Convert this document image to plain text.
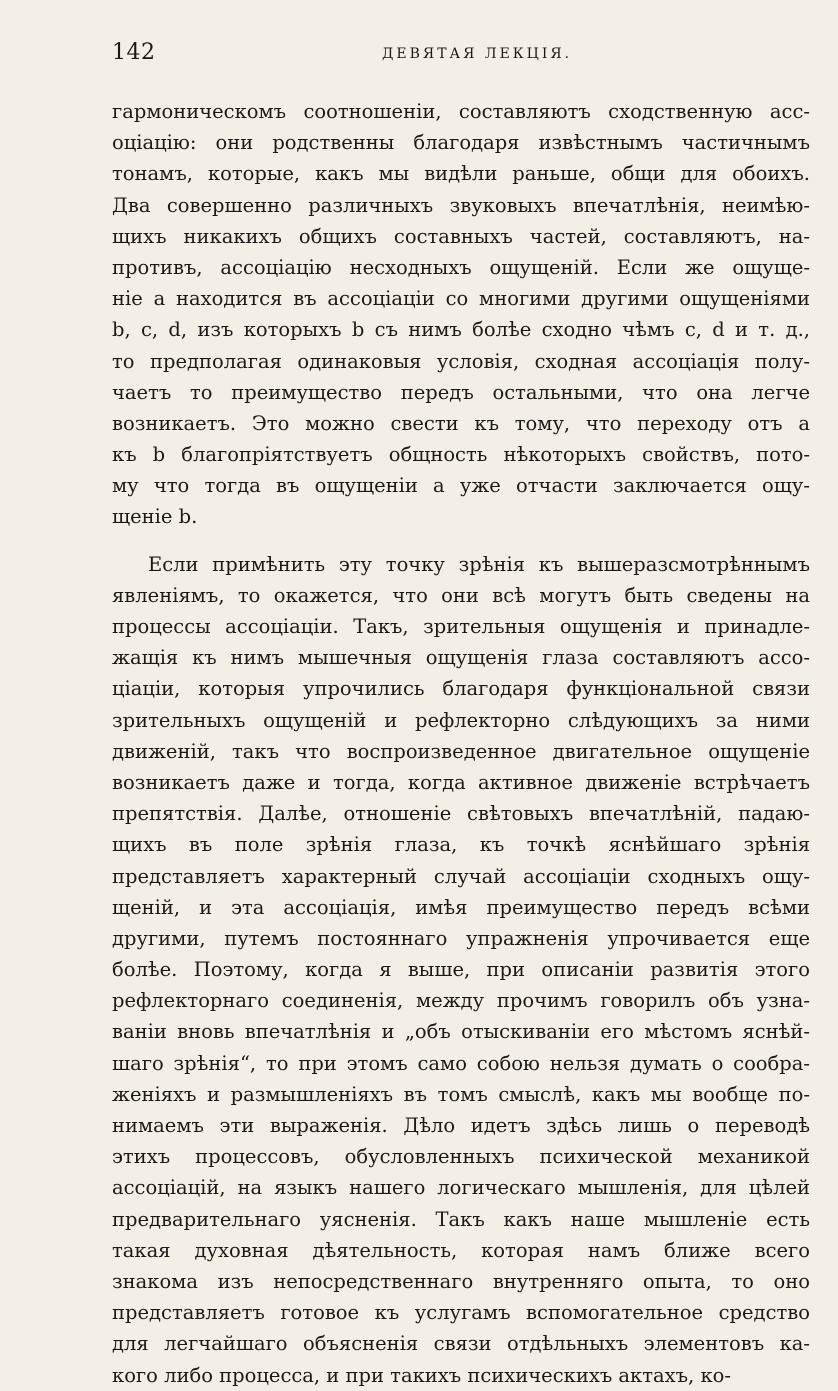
142	ДЕВЯТАЯ ЛЕКЦІЯ.

гармоническомъ соотношеніи, составляютъ сходственную асс-
оціацію: они родственны благодаря извѣстнымъ частичнымъ
тонамъ, которые, какъ мы видѣли раньше, общи для обоихъ.
Два совершенно различныхъ звуковыхъ впечатлѣнія, неимѣю-
щихъ никакихъ общихъ составныхъ частей, составляютъ, на-
противъ, ассоціацію несходныхъ ощущеній. Если же ощуще-
ніе a находится въ ассоціаціи со многими другими ощущеніями
b, c, d, изъ которыхъ b съ нимъ болѣе сходно чѣмъ c, d и т. д.,
то предполагая одинаковыя условія, сходная ассоціація полу-
чаетъ то преимущество передъ остальными, что она легче
возникаетъ. Это можно свести къ тому, что переходу отъ a
къ b благопріятствуетъ общность нѣкоторыхъ свойствъ, пото-
му что тогда въ ощущеніи a уже отчасти заключается ощу-
щеніе b.

Если примѣнить эту точку зрѣнія къ вышеразсмотрѣннымъ
явленіямъ, то окажется, что они всѣ могутъ быть сведены на
процессы ассоціаціи. Такъ, зрительныя ощущенія и принадле-
жащія къ нимъ мышечныя ощущенія глаза составляютъ ассо-
ціаціи, которыя упрочились благодаря функціональной связи
зрительныхъ ощущеній и рефлекторно слѣдующихъ за ними
движеній, такъ что воспроизведенное двигательное ощущеніе
возникаетъ даже и тогда, когда активное движеніе встрѣчаетъ
препятствія. Далѣе, отношеніе свѣтовыхъ впечатлѣній, падаю-
щихъ въ поле зрѣнія глаза, къ точкѣ яснѣйшаго зрѣнія
представляетъ характерный случай ассоціаціи сходныхъ ощу-
щеній, и эта ассоціація, имѣя преимущество передъ всѣми
другими, путемъ постояннаго упражненія упрочивается еще
болѣе. Поэтому, когда я выше, при описаніи развитія этого
рефлекторнаго соединенія, между прочимъ говорилъ объ узна-
ваніи вновь впечатлѣнія и „объ отыскиваніи его мѣстомъ яснѣй-
шаго зрѣнія“, то при этомъ само собою нельзя думать о сообра-
женіяхъ и размышленіяхъ въ томъ смыслѣ, какъ мы вообще по-
нимаемъ эти выраженія. Дѣло идетъ здѣсь лишь о переводѣ
этихъ процессовъ, обусловленныхъ психической механикой
ассоціацій, на языкъ нашего логическаго мышленія, для цѣлей
предварительнаго уясненія. Такъ какъ наше мышленіе есть
такая духовная дѣятельность, которая намъ ближе всего
знакома изъ непосредственнаго внутренняго опыта, то оно
представляетъ готовое къ услугамъ вспомогательное средство
для легчайшаго объясненія связи отдѣльныхъ элементовъ ка-
кого либо процесса, и при такихъ психическихъ актахъ, ко-
